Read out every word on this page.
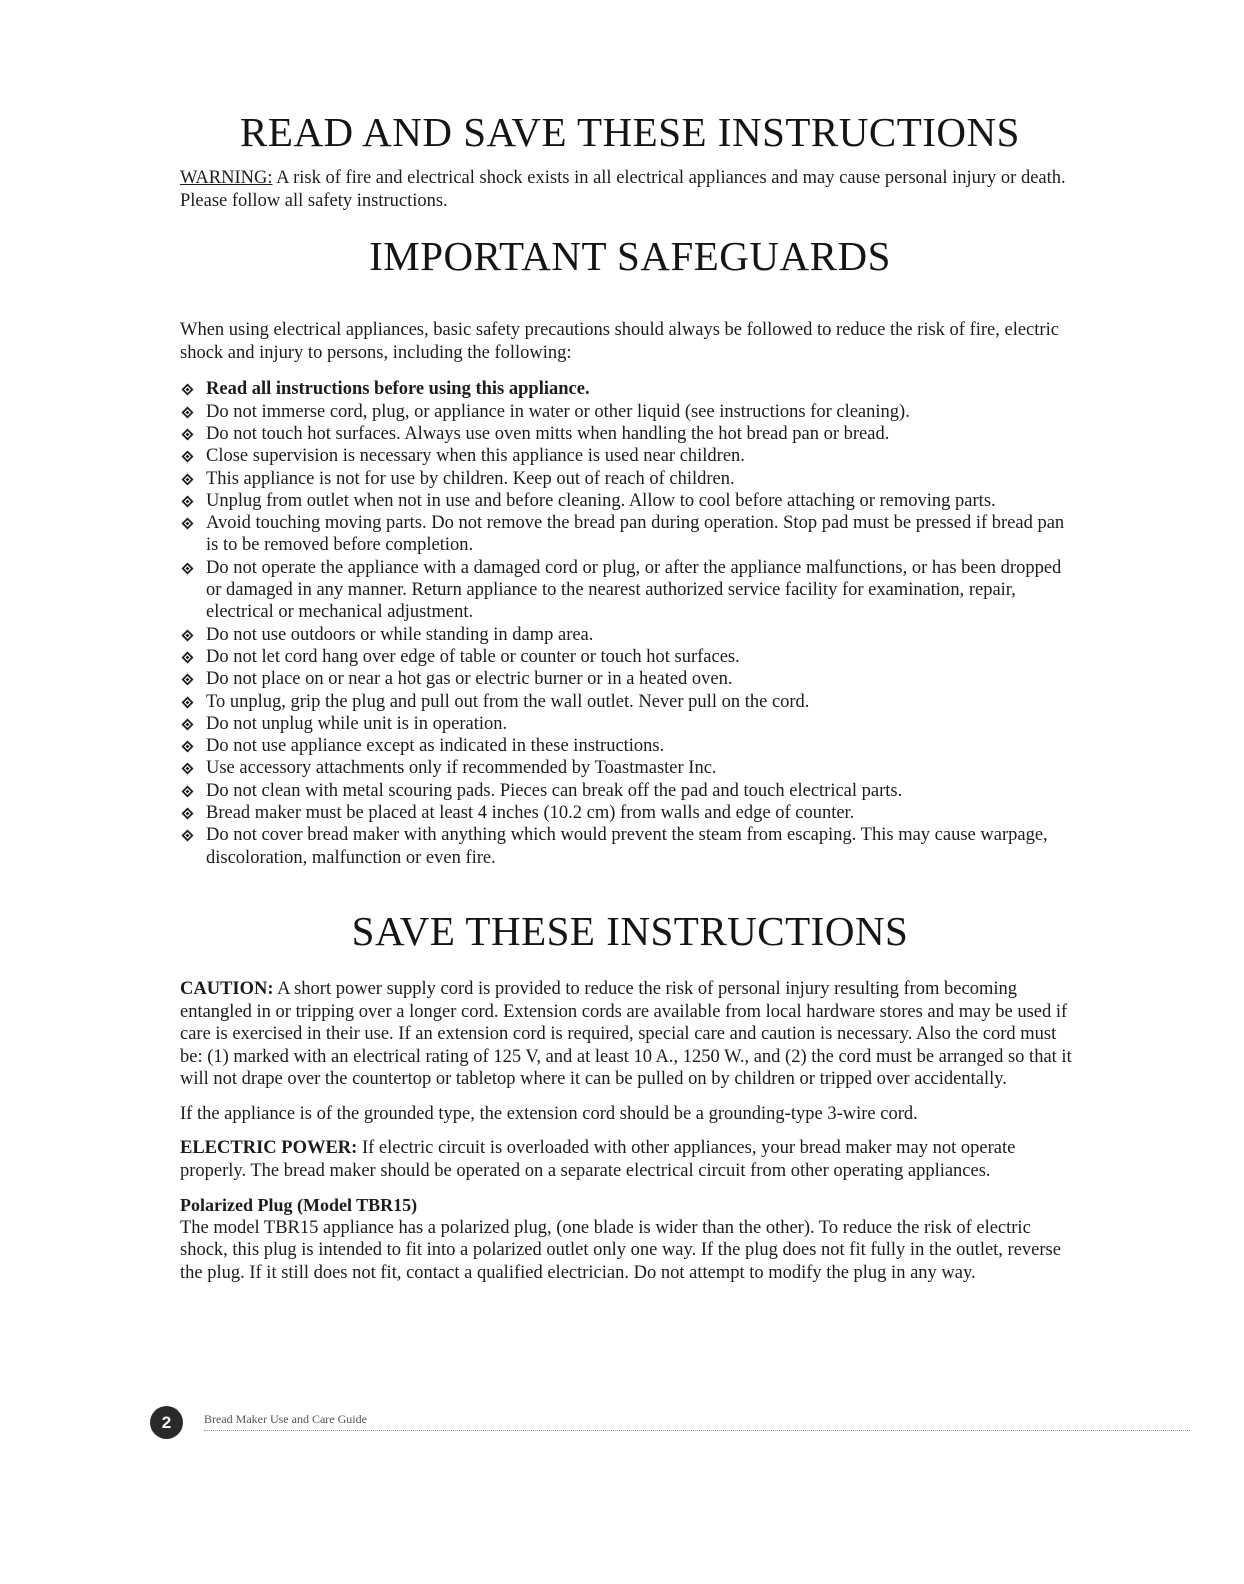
READ AND SAVE THESE INSTRUCTIONS

WARNING: A risk of fire and electrical shock exists in all electrical appliances and may cause personal injury or death. Please follow all safety instructions.

IMPORTANT SAFEGUARDS

When using electrical appliances, basic safety precautions should always be followed to reduce the risk of fire, electric shock and injury to persons, including the following:

Read all instructions before using this appliance.
Do not immerse cord, plug, or appliance in water or other liquid (see instructions for cleaning).
Do not touch hot surfaces. Always use oven mitts when handling the hot bread pan or bread.
Close supervision is necessary when this appliance is used near children.
This appliance is not for use by children. Keep out of reach of children.
Unplug from outlet when not in use and before cleaning. Allow to cool before attaching or removing parts.
Avoid touching moving parts. Do not remove the bread pan during operation. Stop pad must be pressed if bread pan is to be removed before completion.
Do not operate the appliance with a damaged cord or plug, or after the appliance malfunctions, or has been dropped or damaged in any manner. Return appliance to the nearest authorized service facility for examination, repair, electrical or mechanical adjustment.
Do not use outdoors or while standing in damp area.
Do not let cord hang over edge of table or counter or touch hot surfaces.
Do not place on or near a hot gas or electric burner or in a heated oven.
To unplug, grip the plug and pull out from the wall outlet. Never pull on the cord.
Do not unplug while unit is in operation.
Do not use appliance except as indicated in these instructions.
Use accessory attachments only if recommended by Toastmaster Inc.
Do not clean with metal scouring pads. Pieces can break off the pad and touch electrical parts.
Bread maker must be placed at least 4 inches (10.2 cm) from walls and edge of counter.
Do not cover bread maker with anything which would prevent the steam from escaping. This may cause warpage, discoloration, malfunction or even fire.
SAVE THESE INSTRUCTIONS

CAUTION: A short power supply cord is provided to reduce the risk of personal injury resulting from becoming entangled in or tripping over a longer cord. Extension cords are available from local hardware stores and may be used if care is exercised in their use. If an extension cord is required, special care and caution is necessary. Also the cord must be: (1) marked with an electrical rating of 125 V, and at least 10 A., 1250 W., and (2) the cord must be arranged so that it will not drape over the countertop or tabletop where it can be pulled on by children or tripped over accidentally.

If the appliance is of the grounded type, the extension cord should be a grounding-type 3-wire cord.

ELECTRIC POWER: If electric circuit is overloaded with other appliances, your bread maker may not operate properly. The bread maker should be operated on a separate electrical circuit from other operating appliances.

Polarized Plug (Model TBR15)

The model TBR15 appliance has a polarized plug, (one blade is wider than the other). To reduce the risk of electric shock, this plug is intended to fit into a polarized outlet only one way. If the plug does not fit fully in the outlet, reverse the plug. If it still does not fit, contact a qualified electrician. Do not attempt to modify the plug in any way.

2	Bread Maker Use and Care Guide
